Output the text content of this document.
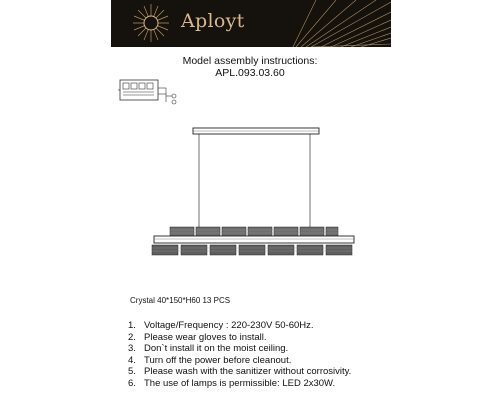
Aployt
Model assembly instructions:
APL.093.03.60
Crystal 40*150*H60 13 PCS
1. Voltage/Frequency : 220-230V 50-60Hz.
2. Please wear gloves to install.
3. Don`t install it on the moist ceiling.
4. Turn off the power before cleanout.
5. Please wash with the sanitizer without corrosivity.
6. The use of lamps is permissible: LED 2x30W.
